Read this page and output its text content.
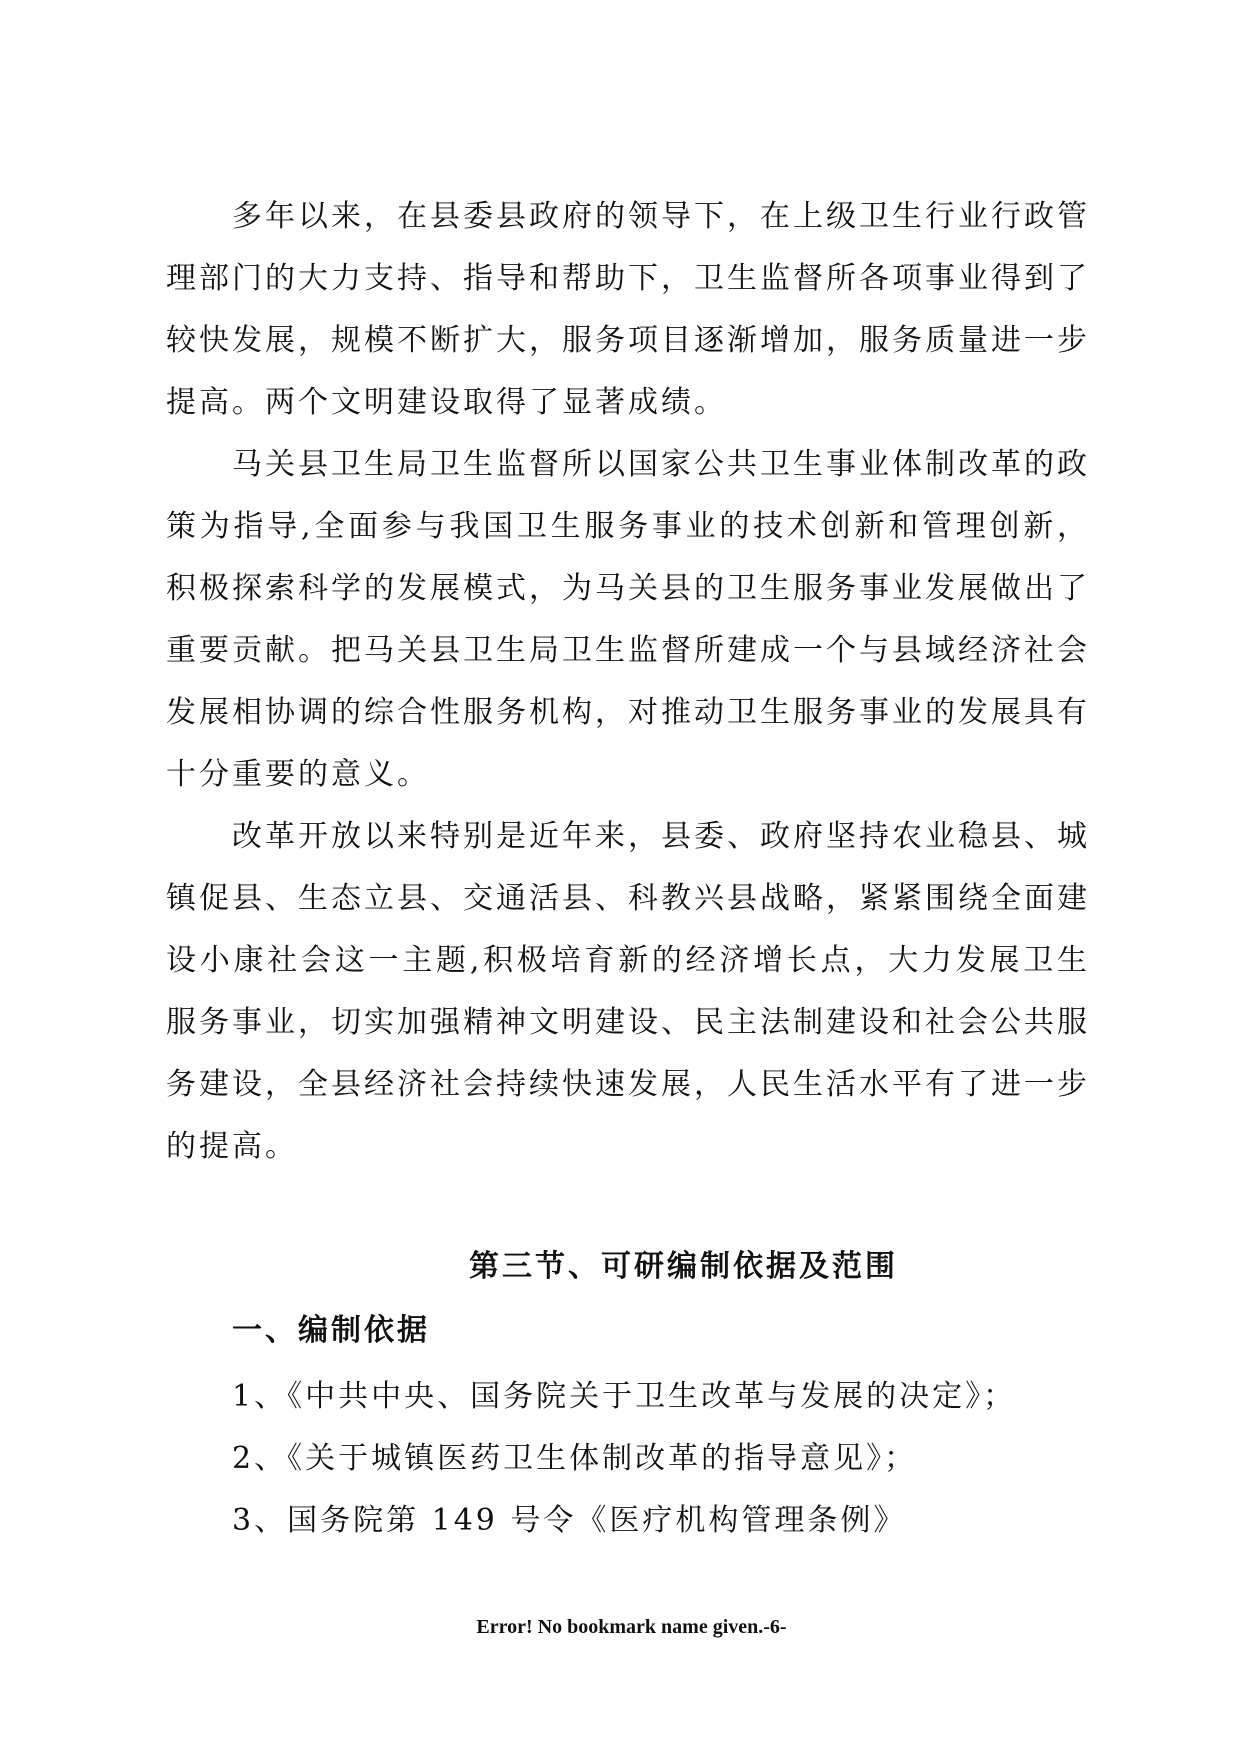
多年以来，在县委县政府的领导下，在上级卫生行业行政管理部门的大力支持、指导和帮助下，卫生监督所各项事业得到了较快发展，规模不断扩大，服务项目逐渐增加，服务质量进一步提高。两个文明建设取得了显著成绩。

马关县卫生局卫生监督所以国家公共卫生事业体制改革的政策为指导,全面参与我国卫生服务事业的技术创新和管理创新，积极探索科学的发展模式，为马关县的卫生服务事业发展做出了重要贡献。把马关县卫生局卫生监督所建成一个与县域经济社会发展相协调的综合性服务机构，对推动卫生服务事业的发展具有十分重要的意义。

改革开放以来特别是近年来，县委、政府坚持农业稳县、城镇促县、生态立县、交通活县、科教兴县战略，紧紧围绕全面建设小康社会这一主题,积极培育新的经济增长点，大力发展卫生服务事业，切实加强精神文明建设、民主法制建设和社会公共服务建设，全县经济社会持续快速发展，人民生活水平有了进一步的提高。

第三节、可研编制依据及范围
一、编制依据
1、《中共中央、国务院关于卫生改革与发展的决定》；
2、《关于城镇医药卫生体制改革的指导意见》；
3、国务院第 149 号令《医疗机构管理条例》
Error! No bookmark name given.-6-
